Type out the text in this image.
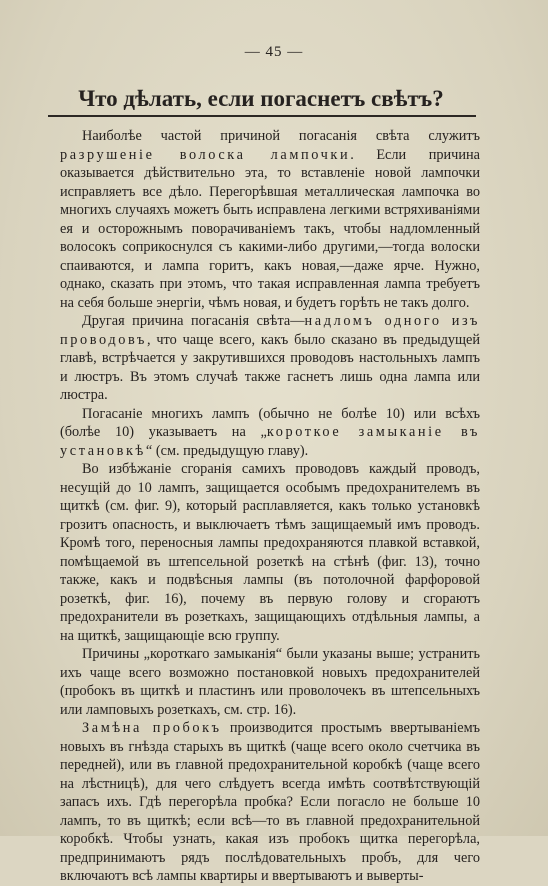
— 45 —
Что дѣлать, если погаснетъ свѣтъ?

Наиболѣе частой причиной погасанія свѣта служитъ разрушеніе волоска лампочки. Если причина оказывается дѣйствительно эта, то вставленіе новой лампочки исправляетъ все дѣло. Перегорѣвшая металлическая лампочка во многихъ случаяхъ можетъ быть исправлена легкими встряхиваніями ея и осторожнымъ поворачиваніемъ такъ, чтобы надломленный волосокъ соприкоснулся съ какими-либо другими,—тогда волоски спаиваются, и лампа горитъ, какъ новая,—даже ярче. Нужно, однако, сказать при этомъ, что такая исправленная лампа требуетъ на себя больше энергіи, чѣмъ новая, и будетъ горѣть не такъ долго.

Другая причина погасанія свѣта—надломъ одного изъ проводовъ, что чаще всего, какъ было сказано въ предыдущей главѣ, встрѣчается у закрутившихся проводовъ настольныхъ лампъ и люстръ. Въ этомъ случаѣ также гаснетъ лишь одна лампа или люстра.

Погасаніе многихъ лампъ (обычно не болѣе 10) или всѣхъ (болѣе 10) указываетъ на „короткое замыканіе въ установкѣ“ (см. предыдущую главу).

Во избѣжаніе сгоранія самихъ проводовъ каждый проводъ, несущій до 10 лампъ, защищается особымъ предохранителемъ въ щиткѣ (см. фиг. 9), который расплавляется, какъ только установкѣ грозитъ опасность, и выключаетъ тѣмъ защищаемый имъ проводъ. Кромѣ того, переносныя лампы предохраняются плавкой вставкой, помѣщаемой въ штепсельной розеткѣ на стѣнѣ (фиг. 13), точно также, какъ и подвѣсныя лампы (въ потолочной фарфоровой розеткѣ, фиг. 16), почему въ первую голову и сгораютъ предохранители въ розеткахъ, защищающихъ отдѣльныя лампы, а на щиткѣ, защищающіе всю группу.

Причины „короткаго замыканія“ были указаны выше; устранить ихъ чаще всего возможно постановкой новыхъ предохранителей (пробокъ въ щиткѣ и пластинъ или проволочекъ въ штепсельныхъ или ламповыхъ розеткахъ, см. стр. 16).

Замѣна пробокъ производится простымъ ввертываніемъ новыхъ въ гнѣзда старыхъ въ щиткѣ (чаще всего около счетчика въ передней), или въ главной предохранительной коробкѣ (чаще всего на лѣстницѣ), для чего слѣдуетъ всегда имѣть соотвѣтствующій запасъ ихъ. Гдѣ перегорѣла пробка? Если погасло не больше 10 лампъ, то въ щиткѣ; если всѣ—то въ главной предохранительной коробкѣ. Чтобы узнать, какая изъ пробокъ щитка перегорѣла, предпринимаютъ рядъ послѣдовательныхъ пробъ, для чего включаютъ всѣ лампы квартиры и ввертываютъ и выверты-
